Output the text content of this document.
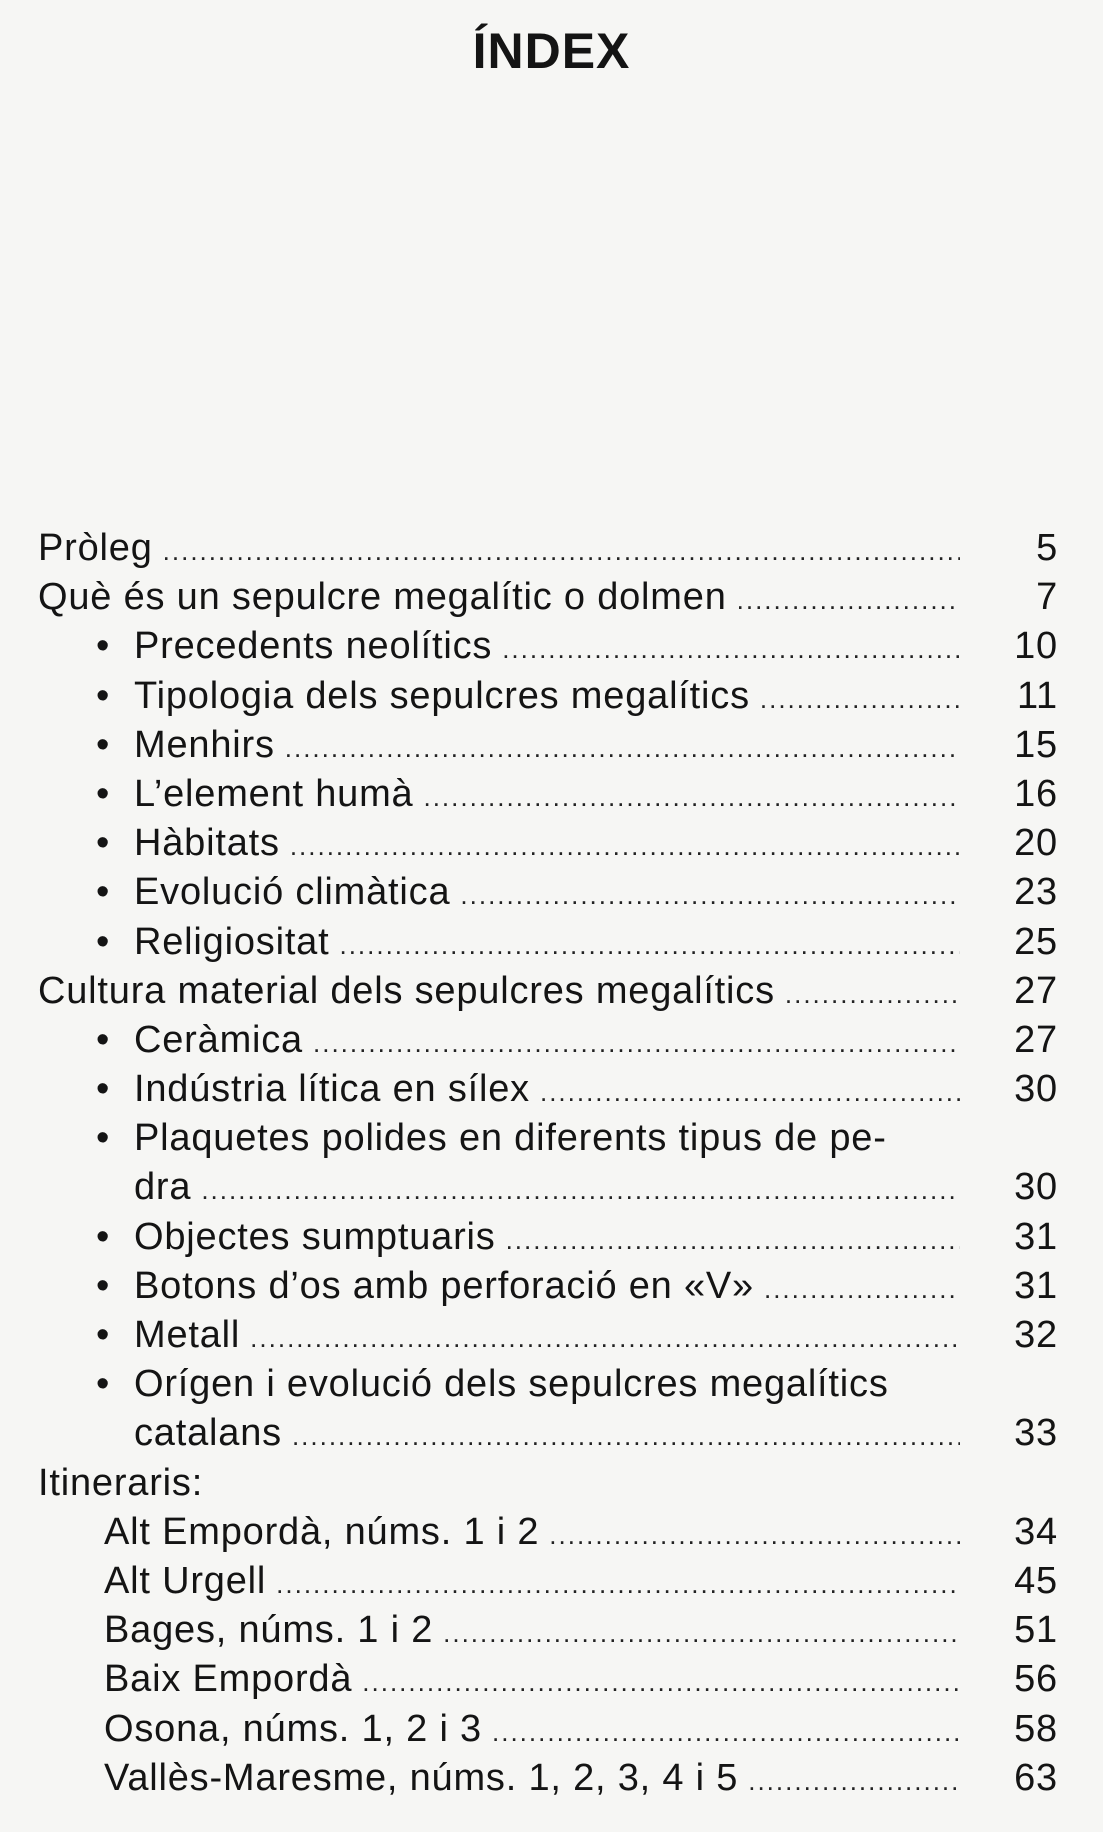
ÍNDEX
Pròleg .....	5
Què és un sepulcre megalític o dolmen .....	7
• Precedents neolítics .....	10
• Tipologia dels sepulcres megalítics .....	11
• Menhirs .....	15
• L’element humà .....	16
• Hàbitats .....	20
• Evolució climàtica .....	23
• Religiositat .....	25
Cultura material dels sepulcres megalítics .....	27
• Ceràmica .....	27
• Indústria lítica en sílex .....	30
• Plaquetes polides en diferents tipus de pe-
dra .....	30
• Objectes sumptuaris .....	31
• Botons d’os amb perforació en «V» .....	31
• Metall .....	32
• Orígen i evolució dels sepulcres megalítics
catalans .....	33
Itineraris:
Alt Empordà, núms. 1 i 2 .....	34
Alt Urgell .....	45
Bages, núms. 1 i 2 .....	51
Baix Empordà .....	56
Osona, núms. 1, 2 i 3 .....	58
Vallès-Maresme, núms. 1, 2, 3, 4 i 5 .....	63
